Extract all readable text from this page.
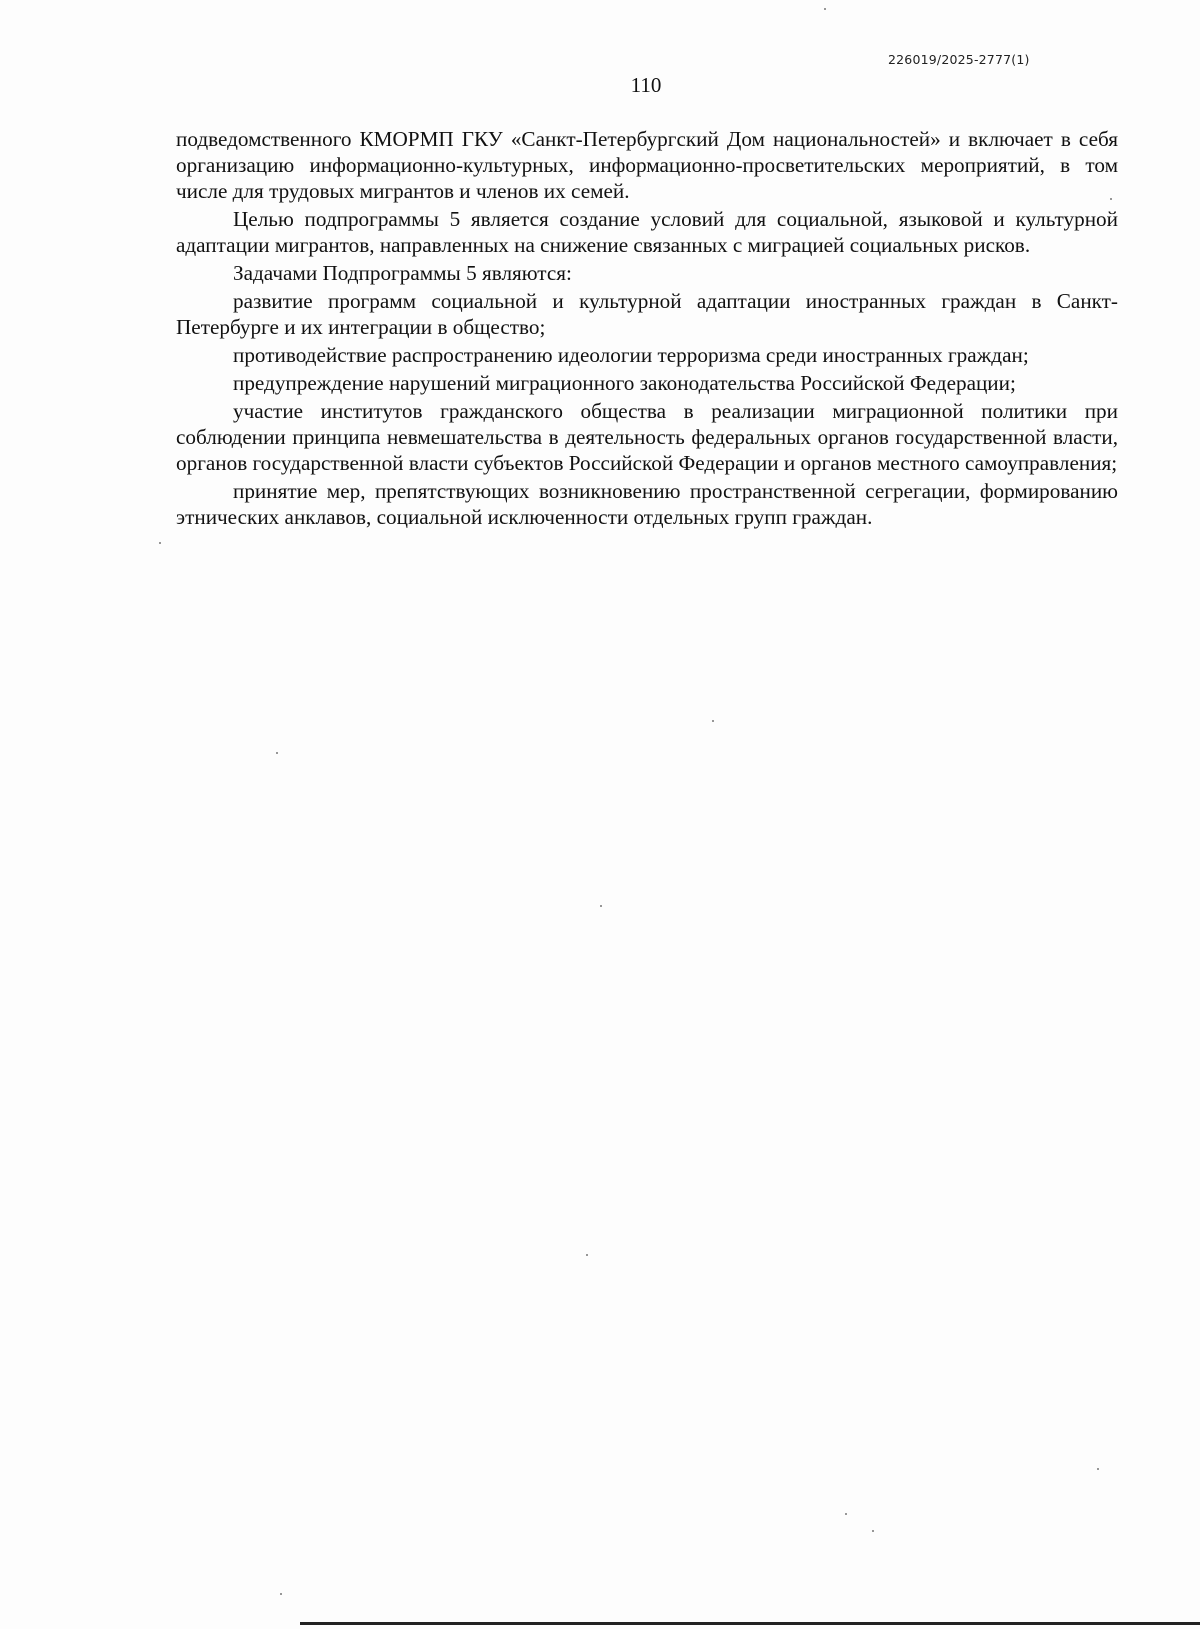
226019/2025-2777(1)
110

подведомственного КМОРМП ГКУ «Санкт-Петербургский Дом национальностей» и включает в себя организацию информационно-культурных, информационно-просветительских мероприятий, в том числе для трудовых мигрантов и членов их семей.

Целью подпрограммы 5 является создание условий для социальной, языковой и культурной адаптации мигрантов, направленных на снижение связанных с миграцией социальных рисков.

Задачами Подпрограммы 5 являются:

развитие программ социальной и культурной адаптации иностранных граждан в Санкт-Петербурге и их интеграции в общество;

противодействие распространению идеологии терроризма среди иностранных граждан;

предупреждение нарушений миграционного законодательства Российской Федерации;

участие институтов гражданского общества в реализации миграционной политики при соблюдении принципа невмешательства в деятельность федеральных органов государственной власти, органов государственной власти субъектов Российской Федерации и органов местного самоуправления;

принятие мер, препятствующих возникновению пространственной сегрегации, формированию этнических анклавов, социальной исключенности отдельных групп граждан.
